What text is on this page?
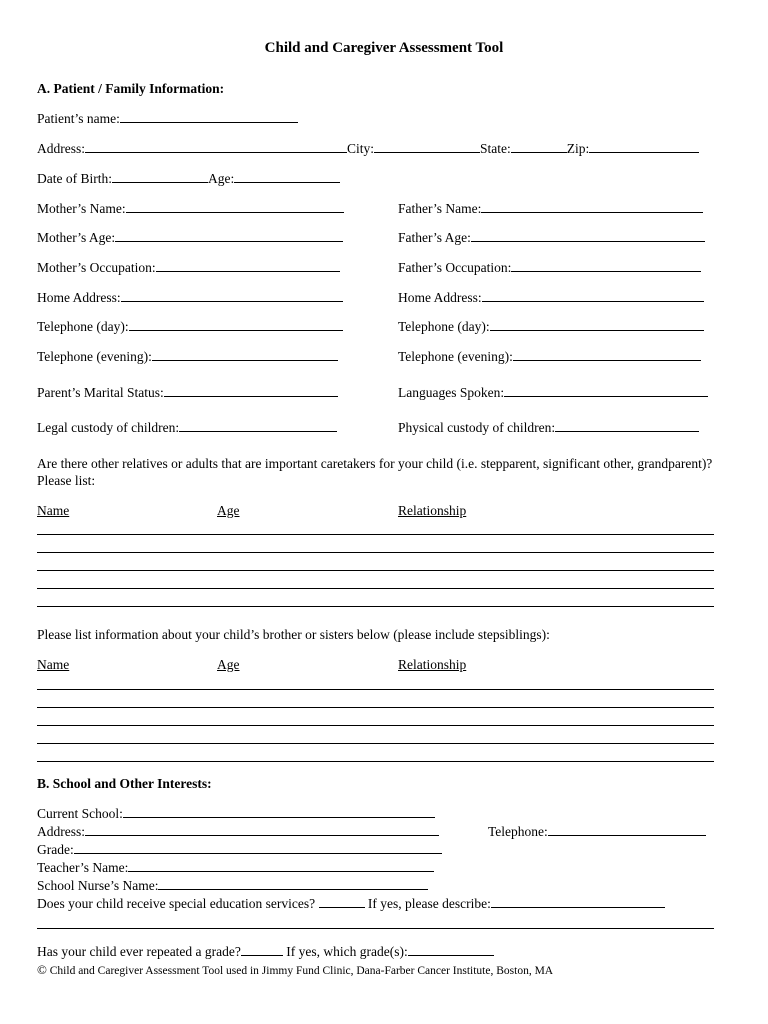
Child and Caregiver Assessment Tool
A. Patient / Family Information:
Patient’s name:
Address:	City:	State:	Zip:
Date of Birth:	Age:
Mother’s Name:	Father’s Name:
Mother’s Age:	Father’s Age:
Mother’s Occupation:	Father’s Occupation:
Home Address:	Home Address:
Telephone (day):	Telephone (day):
Telephone (evening):	Telephone (evening):
Parent’s Marital Status:	Languages Spoken:
Legal custody of children:	Physical custody of children:
Are there other relatives or adults that are important caretakers for your child (i.e. stepparent, significant other, grandparent)? Please list:
Name	Age	Relationship
Please list information about your child’s brother or sisters below (please include stepsiblings):
Name	Age	Relationship
B. School and Other Interests:
Current School:
Address:	Telephone:
Grade:
Teacher’s Name:
School Nurse’s Name:
Does your child receive special education services?	If yes, please describe:
Has your child ever repeated a grade?	If yes, which grade(s):
© Child and Caregiver Assessment Tool used in Jimmy Fund Clinic, Dana-Farber Cancer Institute, Boston, MA
